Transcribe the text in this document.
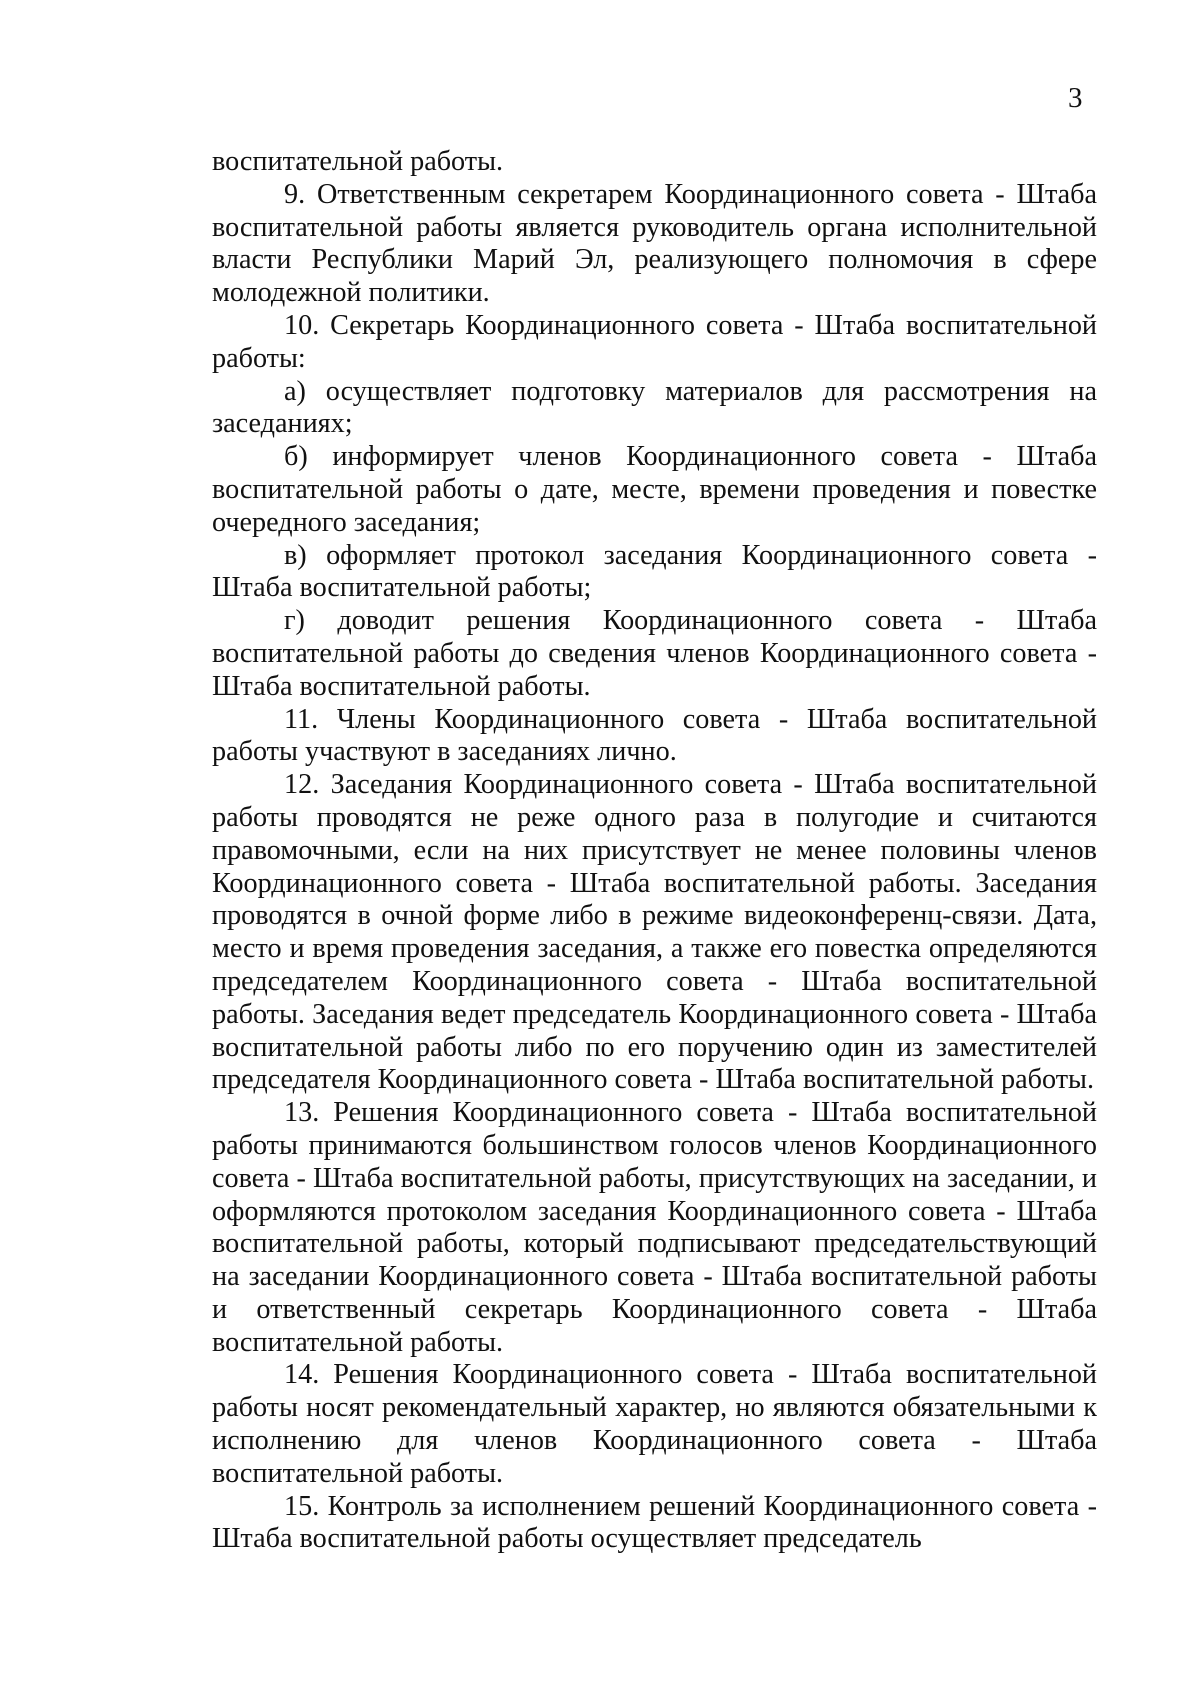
3

воспитательной работы.

9. Ответственным секретарем Координационного совета - Штаба воспитательной работы является руководитель органа исполнительной власти Республики Марий Эл, реализующего полномочия в сфере молодежной политики.

10. Секретарь Координационного совета - Штаба воспитательной работы:

а) осуществляет подготовку материалов для рассмотрения на заседаниях;

б) информирует членов Координационного совета - Штаба воспитательной работы о дате, месте, времени проведения и повестке очередного заседания;

в) оформляет протокол заседания Координационного совета - Штаба воспитательной работы;

г) доводит решения Координационного совета - Штаба воспитательной работы до сведения членов Координационного совета - Штаба воспитательной работы.

11. Члены Координационного совета - Штаба воспитательной работы участвуют в заседаниях лично.

12. Заседания Координационного совета - Штаба воспитательной работы проводятся не реже одного раза в полугодие и считаются правомочными, если на них присутствует не менее половины членов Координационного совета - Штаба воспитательной работы. Заседания проводятся в очной форме либо в режиме видеоконференц-связи. Дата, место и время проведения заседания, а также его повестка определяются председателем Координационного совета - Штаба воспитательной работы. Заседания ведет председатель Координационного совета - Штаба воспитательной работы либо по его поручению один из заместителей председателя Координационного совета - Штаба воспитательной работы.

13. Решения Координационного совета - Штаба воспитательной работы принимаются большинством голосов членов Координационного совета - Штаба воспитательной работы, присутствующих на заседании, и оформляются протоколом заседания Координационного совета - Штаба воспитательной работы, который подписывают председательствующий на заседании Координационного совета - Штаба воспитательной работы и ответственный секретарь Координационного совета - Штаба воспитательной работы.

14. Решения Координационного совета - Штаба воспитательной работы носят рекомендательный характер, но являются обязательными к исполнению для членов Координационного совета - Штаба воспитательной работы.

15. Контроль за исполнением решений Координационного совета - Штаба воспитательной работы осуществляет председатель
